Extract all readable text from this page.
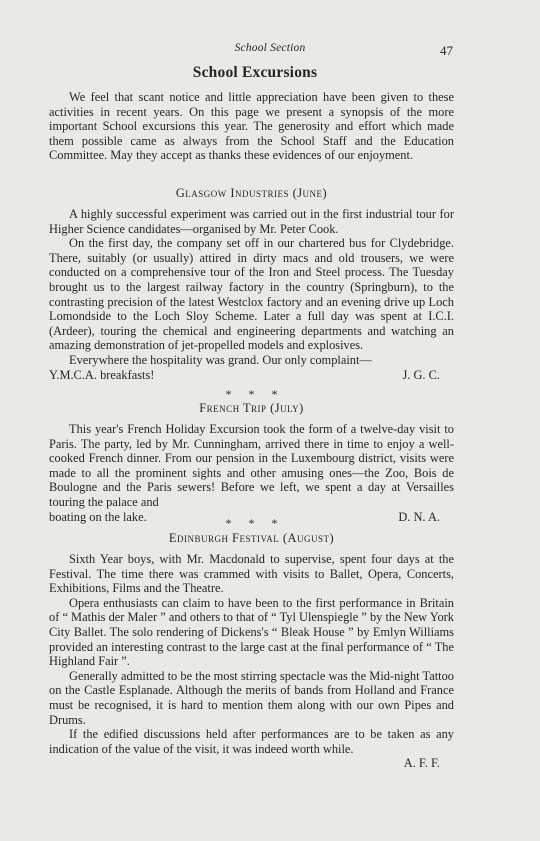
School Section	47
School Excursions

We feel that scant notice and little appreciation have been given to these activities in recent years. On this page we present a synopsis of the more important School excursions this year. The generosity and effort which made them possible came as always from the School Staff and the Education Committee. May they accept as thanks these evidences of our enjoyment.

Glasgow Industries (June)

A highly successful experiment was carried out in the first industrial tour for Higher Science candidates—organised by Mr. Peter Cook.

On the first day, the company set off in our chartered bus for Clydebridge. There, suitably (or usually) attired in dirty macs and old trousers, we were conducted on a comprehensive tour of the Iron and Steel process. The Tuesday brought us to the largest railway factory in the country (Springburn), to the contrasting precision of the latest Westclox factory and an evening drive up Loch Lomondside to the Loch Sloy Scheme. Later a full day was spent at I.C.I. (Ardeer), touring the chemical and engineering departments and watching an amazing demonstration of jet-propelled models and explosives.

Everywhere the hospitality was grand. Our only complaint—

Y.M.C.A. breakfasts!	J. G. C.
* * *
French Trip (July)

This year's French Holiday Excursion took the form of a twelve-day visit to Paris. The party, led by Mr. Cunningham, arrived there in time to enjoy a well-cooked French dinner. From our pension in the Luxembourg district, visits were made to all the prominent sights and other amusing ones—the Zoo, Bois de Boulogne and the Paris sewers! Before we left, we spent a day at Versailles touring the palace and

boating on the lake.	D. N. A.
* * *
Edinburgh Festival (August)

Sixth Year boys, with Mr. Macdonald to supervise, spent four days at the Festival. The time there was crammed with visits to Ballet, Opera, Concerts, Exhibitions, Films and the Theatre.

Opera enthusiasts can claim to have been to the first performance in Britain of “ Mathis der Maler ” and others to that of “ Tyl Ulenspiegle ” by the New York City Ballet. The solo rendering of Dickens's “ Bleak House ” by Emlyn Williams provided an interesting contrast to the large cast at the final performance of “ The Highland Fair ”.

Generally admitted to be the most stirring spectacle was the Mid-night Tattoo on the Castle Esplanade. Although the merits of bands from Holland and France must be recognised, it is hard to mention them along with our own Pipes and Drums.

If the edified discussions held after performances are to be taken as any indication of the value of the visit, it was indeed worth while.

A. F. F.
